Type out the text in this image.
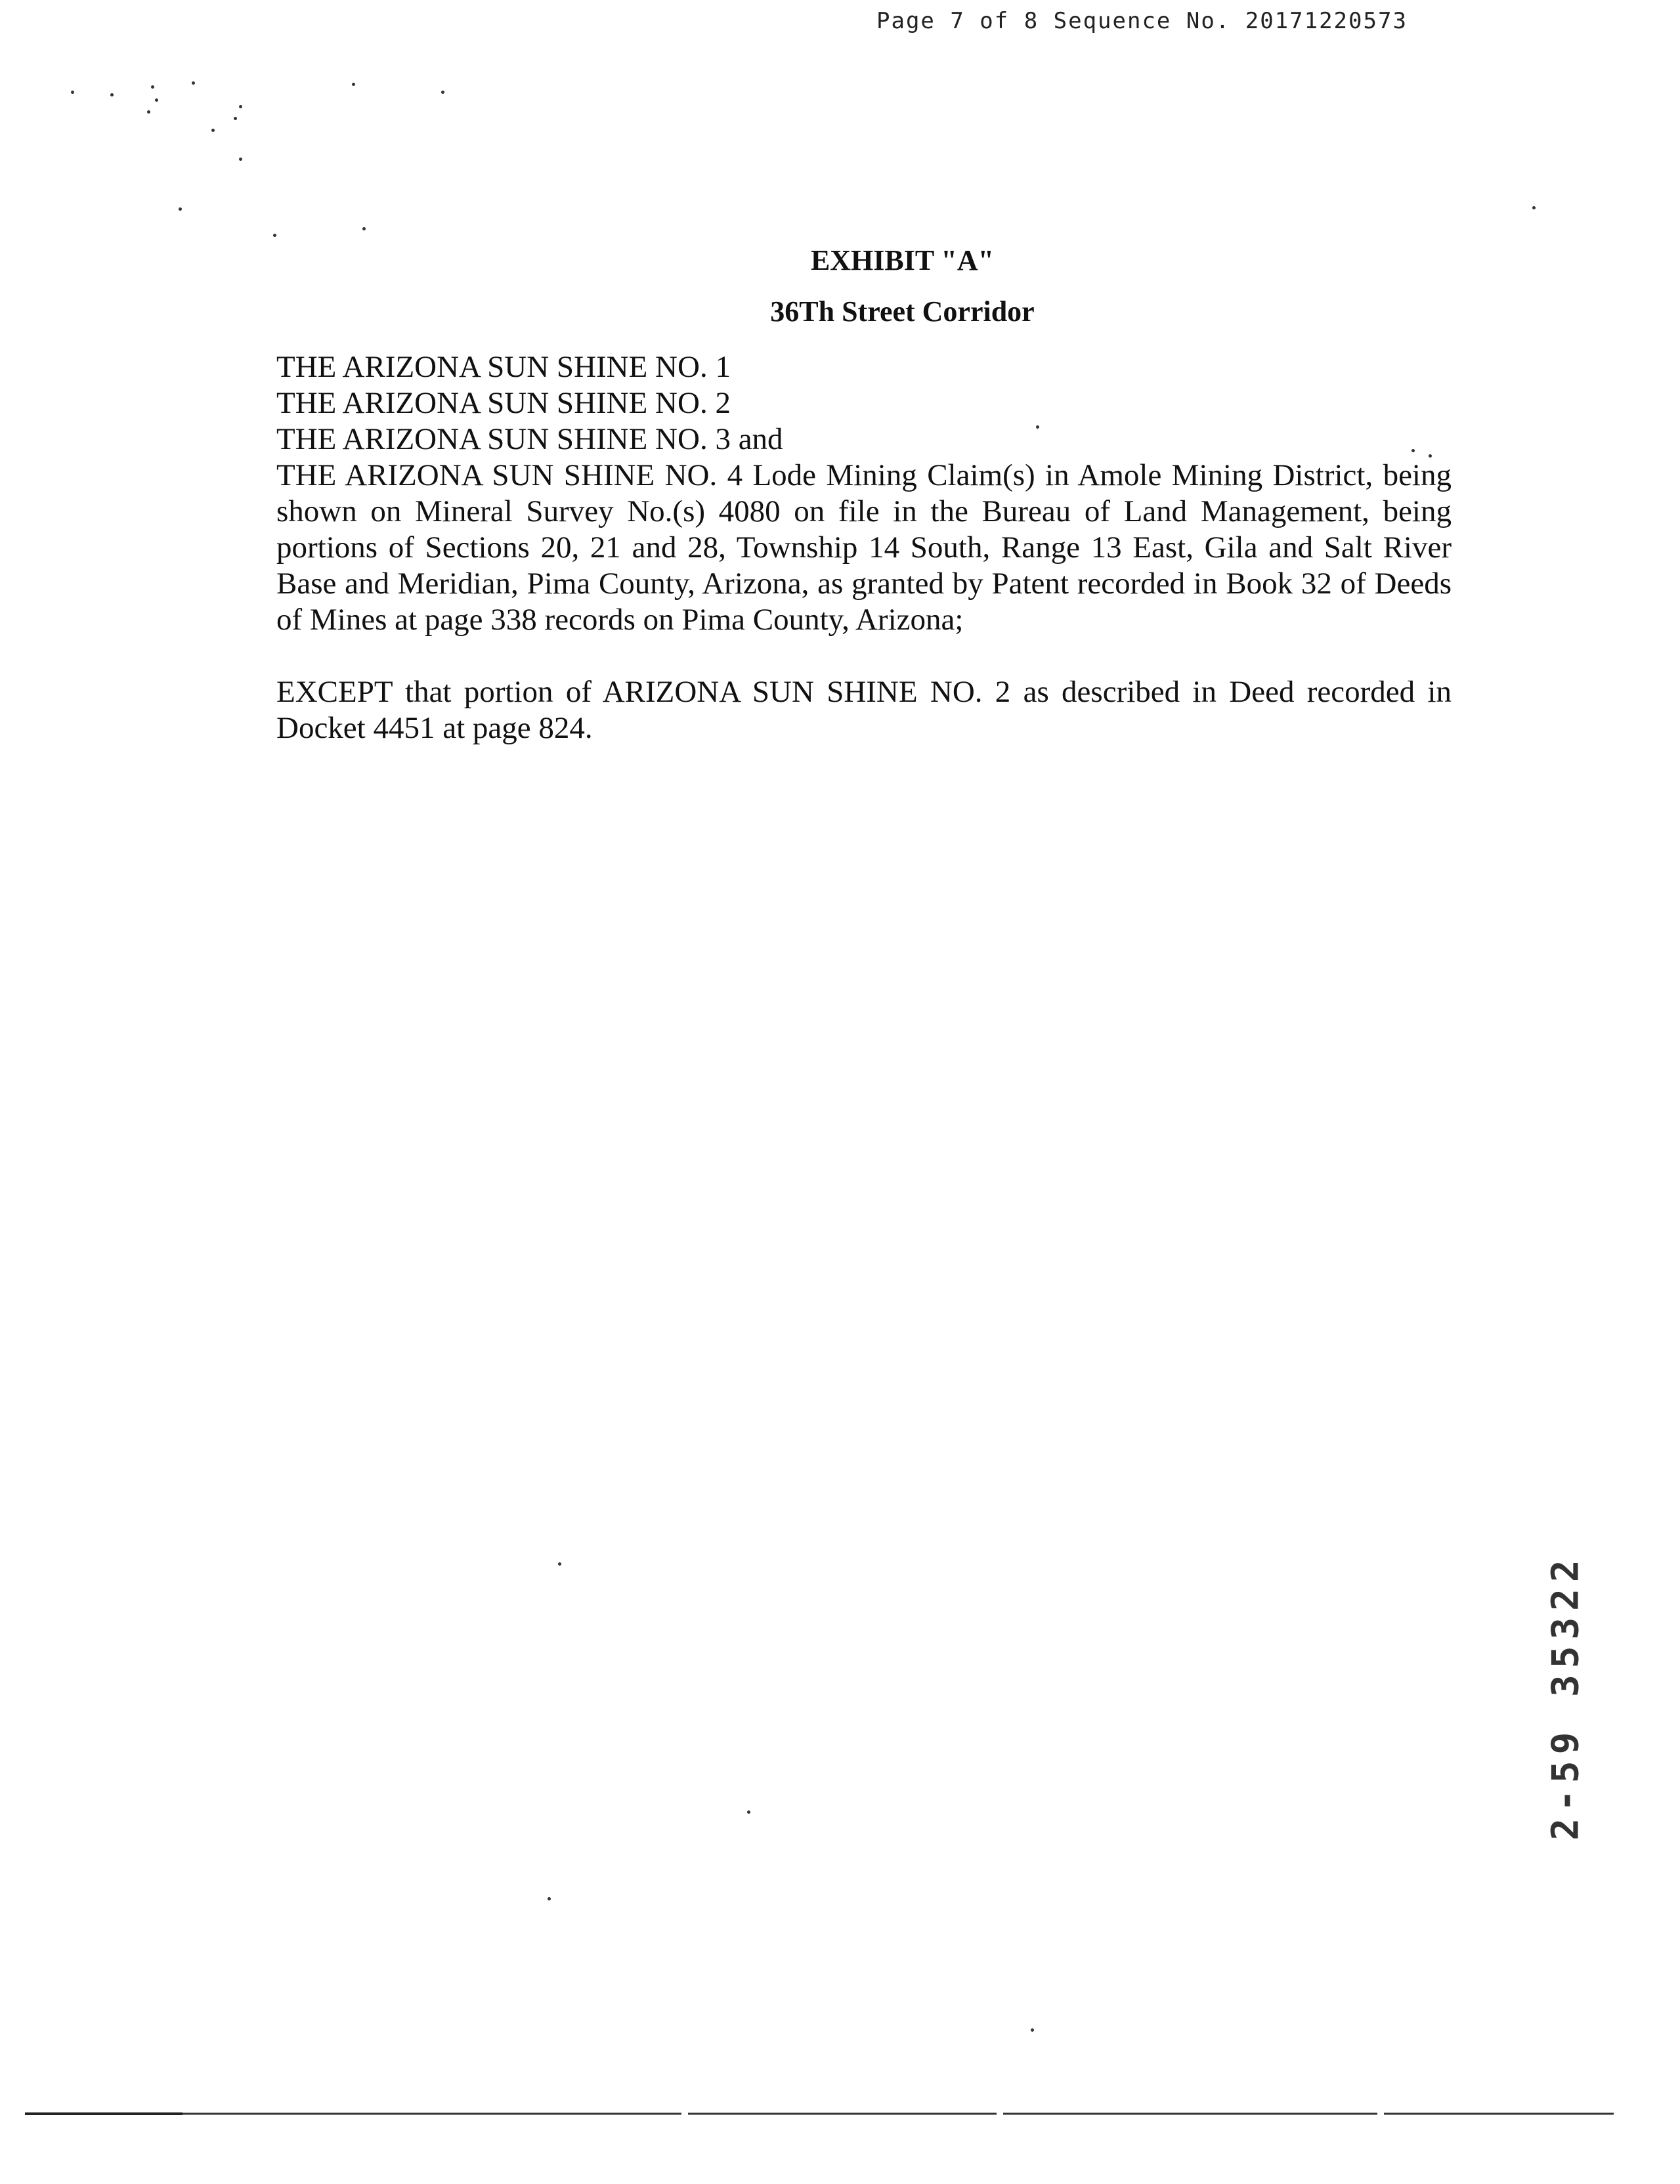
Page 7 of 8 Sequence No. 20171220573
EXHIBIT "A"
36Th Street Corridor
THE ARIZONA SUN SHINE NO. 1
THE ARIZONA SUN SHINE NO. 2
THE ARIZONA SUN SHINE NO. 3 and

THE ARIZONA SUN SHINE NO. 4 Lode Mining Claim(s) in Amole Mining District, being shown on Mineral Survey No.(s) 4080 on file in the Bureau of Land Management, being portions of Sections 20, 21 and 28, Township 14 South, Range 13 East, Gila and Salt River Base and Meridian, Pima County, Arizona, as granted by Patent recorded in Book 32 of Deeds of Mines at page 338 records on Pima County, Arizona;

EXCEPT that portion of ARIZONA SUN SHINE NO. 2 as described in Deed recorded in Docket 4451 at page 824.

2-59 35322
